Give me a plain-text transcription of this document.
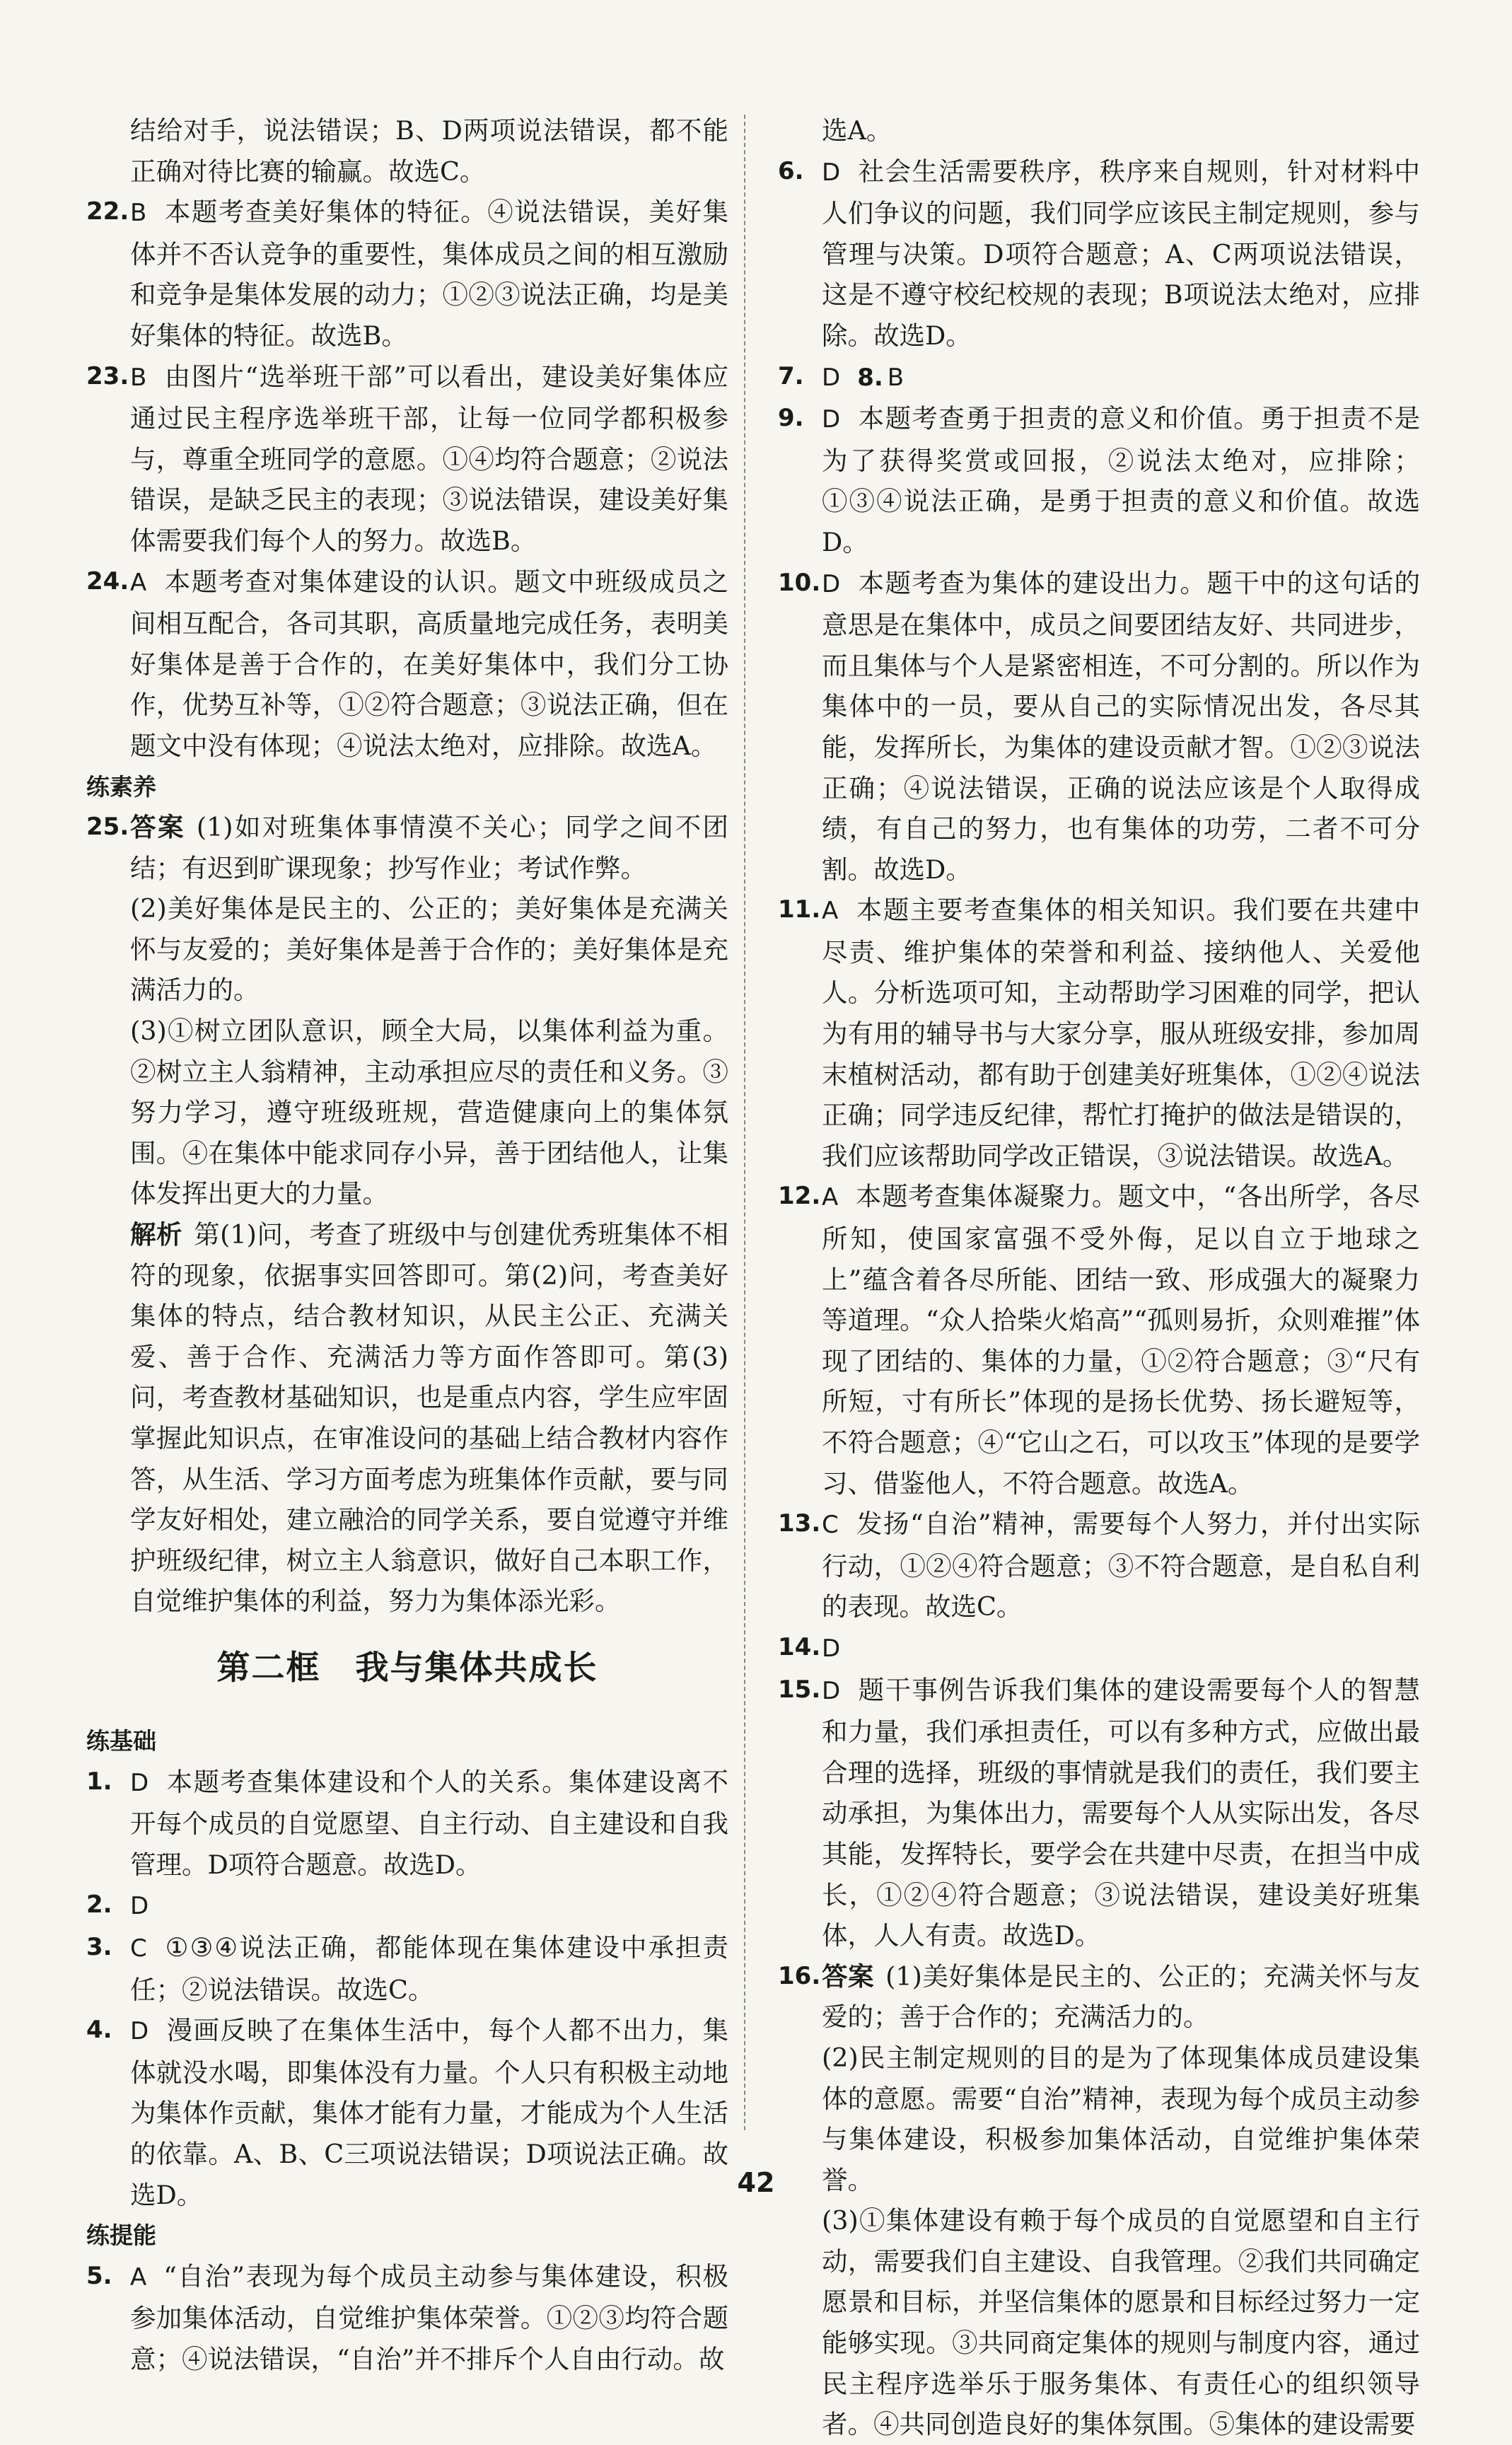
结给对手，说法错误；B、D两项说法错误，都不能正确对待比赛的输赢。故选C。

22. B 本题考查美好集体的特征。④说法错误，美好集体并不否认竞争的重要性，集体成员之间的相互激励和竞争是集体发展的动力；①②③说法正确，均是美好集体的特征。故选B。

23. B 由图片“选举班干部”可以看出，建设美好集体应通过民主程序选举班干部，让每一位同学都积极参与，尊重全班同学的意愿。①④均符合题意；②说法错误，是缺乏民主的表现；③说法错误，建设美好集体需要我们每个人的努力。故选B。

24. A 本题考查对集体建设的认识。题文中班级成员之间相互配合，各司其职，高质量地完成任务，表明美好集体是善于合作的，在美好集体中，我们分工协作，优势互补等，①②符合题意；③说法正确，但在题文中没有体现；④说法太绝对，应排除。故选A。

练素养

25. 答案 (1)如对班集体事情漠不关心；同学之间不团结；有迟到旷课现象；抄写作业；考试作弊。

(2)美好集体是民主的、公正的；美好集体是充满关怀与友爱的；美好集体是善于合作的；美好集体是充满活力的。

(3)①树立团队意识，顾全大局，以集体利益为重。②树立主人翁精神，主动承担应尽的责任和义务。③努力学习，遵守班级班规，营造健康向上的集体氛围。④在集体中能求同存小异，善于团结他人，让集体发挥出更大的力量。

解析 第(1)问，考查了班级中与创建优秀班集体不相符的现象，依据事实回答即可。第(2)问，考查美好集体的特点，结合教材知识，从民主公正、充满关爱、善于合作、充满活力等方面作答即可。第(3)问，考查教材基础知识，也是重点内容，学生应牢固掌握此知识点，在审准设问的基础上结合教材内容作答，从生活、学习方面考虑为班集体作贡献，要与同学友好相处，建立融洽的同学关系，要自觉遵守并维护班级纪律，树立主人翁意识，做好自己本职工作，自觉维护集体的利益，努力为集体添光彩。

第二框　我与集体共成长

练基础

1. D 本题考查集体建设和个人的关系。集体建设离不开每个成员的自觉愿望、自主行动、自主建设和自我管理。D项符合题意。故选D。

2. D

3. C ①③④说法正确，都能体现在集体建设中承担责任；②说法错误。故选C。

4. D 漫画反映了在集体生活中，每个人都不出力，集体就没水喝，即集体没有力量。个人只有积极主动地为集体作贡献，集体才能有力量，才能成为个人生活的依靠。A、B、C三项说法错误；D项说法正确。故选D。

练提能

5. A “自治”表现为每个成员主动参与集体建设，积极参加集体活动，自觉维护集体荣誉。①②③均符合题意；④说法错误，“自治”并不排斥个人自由行动。故

选A。

6. D 社会生活需要秩序，秩序来自规则，针对材料中人们争议的问题，我们同学应该民主制定规则，参与管理与决策。D项符合题意；A、C两项说法错误，这是不遵守校纪校规的表现；B项说法太绝对，应排除。故选D。

7. D 8. B

9. D 本题考查勇于担责的意义和价值。勇于担责不是为了获得奖赏或回报，②说法太绝对，应排除；①③④说法正确，是勇于担责的意义和价值。故选D。

10. D 本题考查为集体的建设出力。题干中的这句话的意思是在集体中，成员之间要团结友好、共同进步，而且集体与个人是紧密相连，不可分割的。所以作为集体中的一员，要从自己的实际情况出发，各尽其能，发挥所长，为集体的建设贡献才智。①②③说法正确；④说法错误，正确的说法应该是个人取得成绩，有自己的努力，也有集体的功劳，二者不可分割。故选D。

11. A 本题主要考查集体的相关知识。我们要在共建中尽责、维护集体的荣誉和利益、接纳他人、关爱他人。分析选项可知，主动帮助学习困难的同学，把认为有用的辅导书与大家分享，服从班级安排，参加周末植树活动，都有助于创建美好班集体，①②④说法正确；同学违反纪律，帮忙打掩护的做法是错误的，我们应该帮助同学改正错误，③说法错误。故选A。

12. A 本题考查集体凝聚力。题文中，“各出所学，各尽所知，使国家富强不受外侮，足以自立于地球之上”蕴含着各尽所能、团结一致、形成强大的凝聚力等道理。“众人拾柴火焰高”“孤则易折，众则难摧”体现了团结的、集体的力量，①②符合题意；③“尺有所短，寸有所长”体现的是扬长优势、扬长避短等，不符合题意；④“它山之石，可以攻玉”体现的是要学习、借鉴他人，不符合题意。故选A。

13. C 发扬“自治”精神，需要每个人努力，并付出实际行动，①②④符合题意；③不符合题意，是自私自利的表现。故选C。

14. D

15. D 题干事例告诉我们集体的建设需要每个人的智慧和力量，我们承担责任，可以有多种方式，应做出最合理的选择，班级的事情就是我们的责任，我们要主动承担，为集体出力，需要每个人从实际出发，各尽其能，发挥特长，要学会在共建中尽责，在担当中成长，①②④符合题意；③说法错误，建设美好班集体，人人有责。故选D。

16. 答案 (1)美好集体是民主的、公正的；充满关怀与友爱的；善于合作的；充满活力的。

(2)民主制定规则的目的是为了体现集体成员建设集体的意愿。需要“自治”精神，表现为每个成员主动参与集体建设，积极参加集体活动，自觉维护集体荣誉。

(3)①集体建设有赖于每个成员的自觉愿望和自主行动，需要我们自主建设、自我管理。②我们共同确定愿景和目标，并坚信集体的愿景和目标经过努力一定能够实现。③共同商定集体的规则与制度内容，通过民主程序选举乐于服务集体、有责任心的组织领导者。④共同创造良好的集体氛围。⑤集体的建设需要

42
